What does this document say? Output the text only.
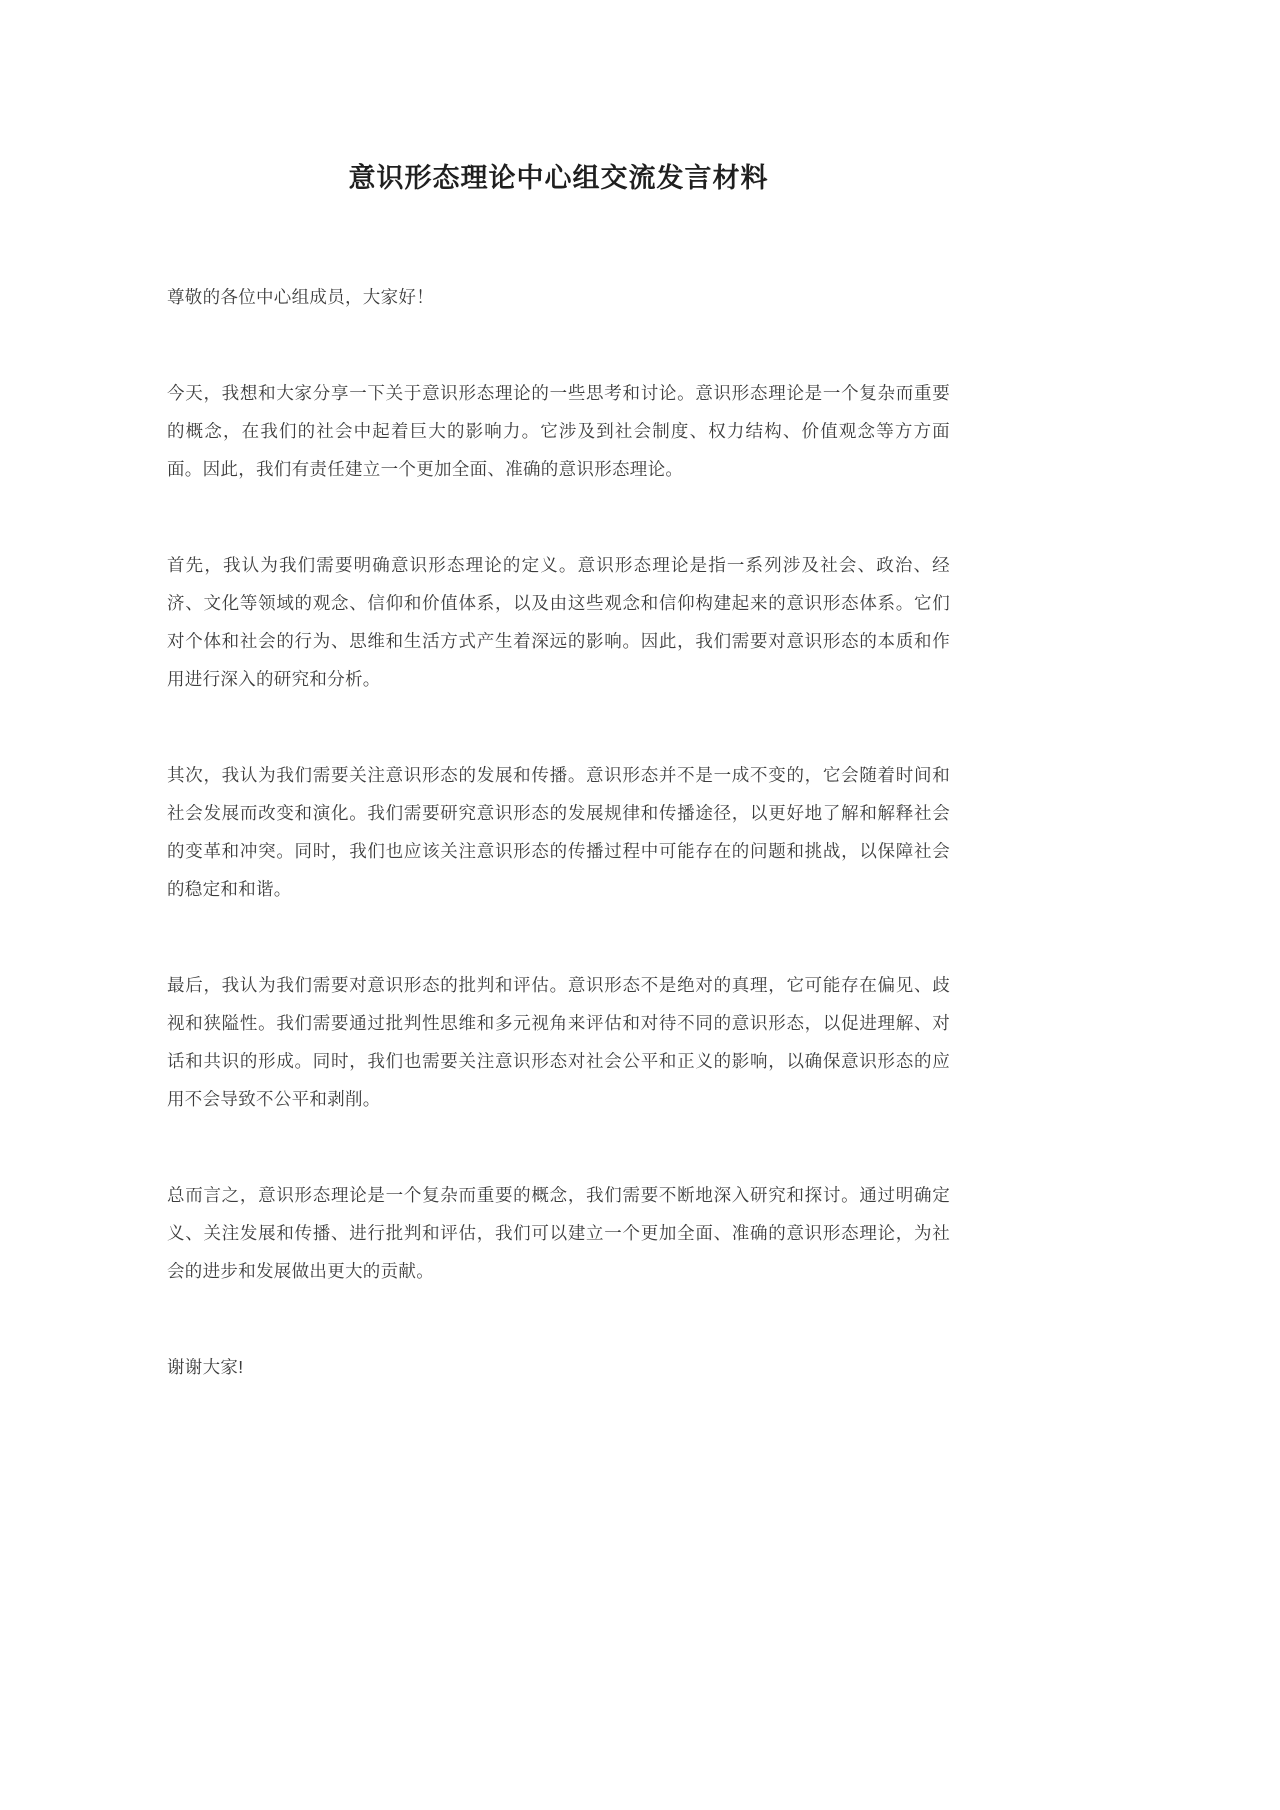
意识形态理论中心组交流发言材料

尊敬的各位中心组成员，大家好！

今天，我想和大家分享一下关于意识形态理论的一些思考和讨论。意识形态理论是一个复杂而重要的概念，在我们的社会中起着巨大的影响力。它涉及到社会制度、权力结构、价值观念等方方面面。因此，我们有责任建立一个更加全面、准确的意识形态理论。

首先，我认为我们需要明确意识形态理论的定义。意识形态理论是指一系列涉及社会、政治、经济、文化等领域的观念、信仰和价值体系，以及由这些观念和信仰构建起来的意识形态体系。它们对个体和社会的行为、思维和生活方式产生着深远的影响。因此，我们需要对意识形态的本质和作用进行深入的研究和分析。

其次，我认为我们需要关注意识形态的发展和传播。意识形态并不是一成不变的，它会随着时间和社会发展而改变和演化。我们需要研究意识形态的发展规律和传播途径，以更好地了解和解释社会的变革和冲突。同时，我们也应该关注意识形态的传播过程中可能存在的问题和挑战，以保障社会的稳定和和谐。

最后，我认为我们需要对意识形态的批判和评估。意识形态不是绝对的真理，它可能存在偏见、歧视和狭隘性。我们需要通过批判性思维和多元视角来评估和对待不同的意识形态，以促进理解、对话和共识的形成。同时，我们也需要关注意识形态对社会公平和正义的影响，以确保意识形态的应用不会导致不公平和剥削。

总而言之，意识形态理论是一个复杂而重要的概念，我们需要不断地深入研究和探讨。通过明确定义、关注发展和传播、进行批判和评估，我们可以建立一个更加全面、准确的意识形态理论，为社会的进步和发展做出更大的贡献。

谢谢大家!
